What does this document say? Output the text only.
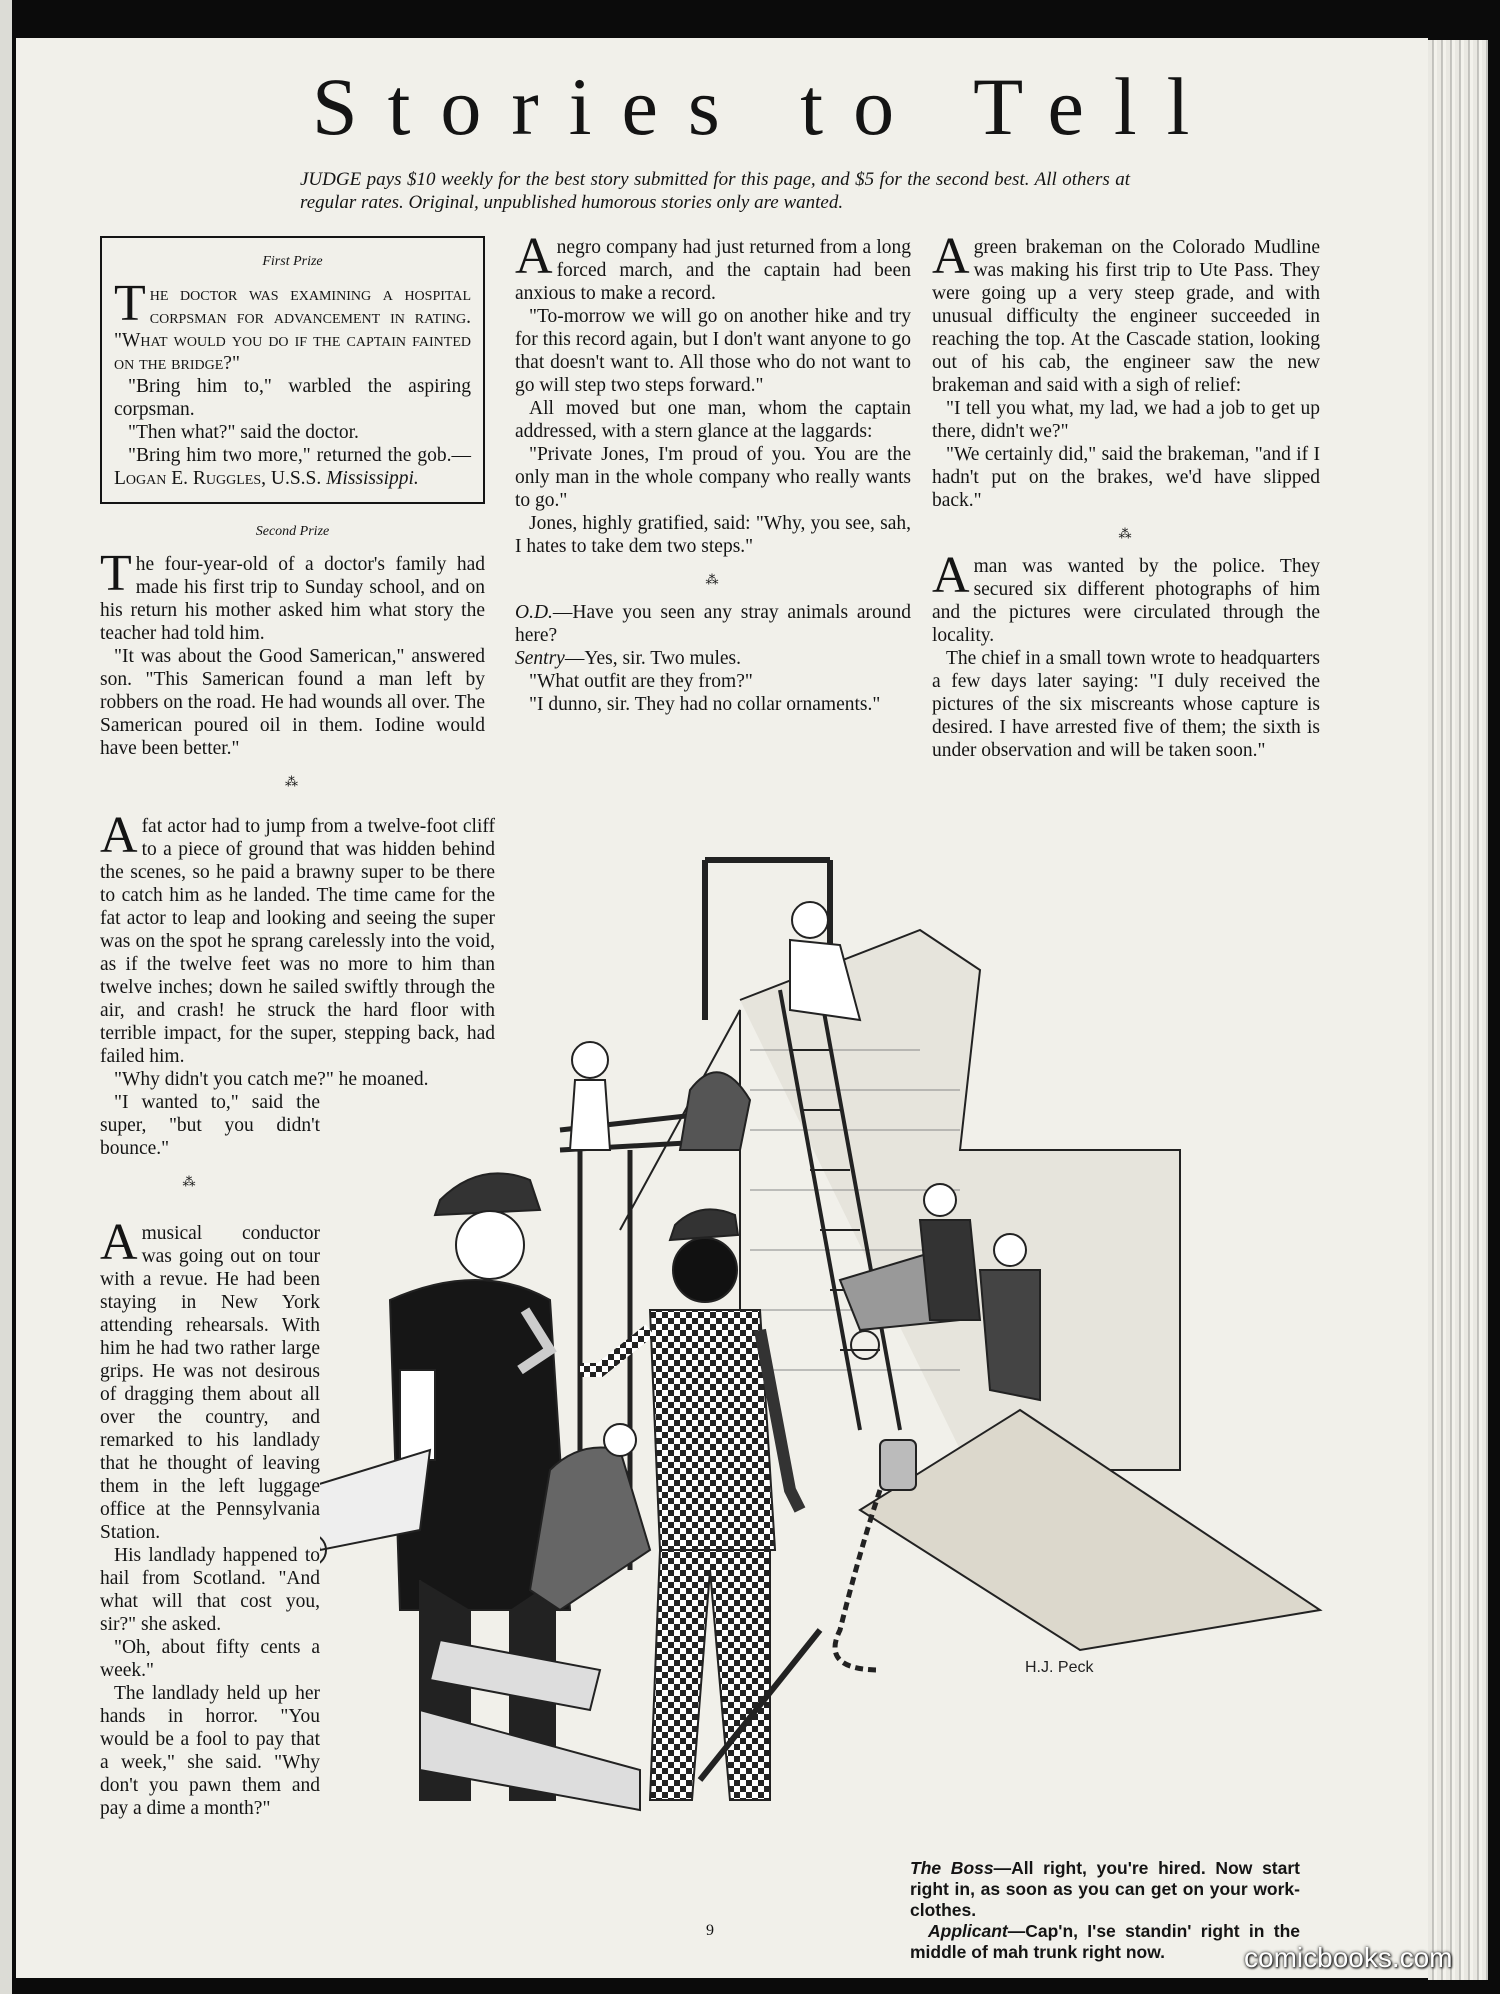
Stories to Tell
JUDGE pays $10 weekly for the best story submitted for this page, and $5 for the second best. All others at regular rates. Original, unpublished humorous stories only are wanted.
First Prize

The doctor was examining a hospital corpsman for advancement in rating. "What would you do if the captain fainted on the bridge?"

"Bring him to," warbled the aspiring corpsman.

"Then what?" said the doctor.

"Bring him two more," returned the gob.— Logan E. Ruggles, U.S.S. Mississippi.

Second Prize

The four-year-old of a doctor's family had made his first trip to Sunday school, and on his return his mother asked him what story the teacher had told him.

"It was about the Good Samerican," answered son. "This Samerican found a man left by robbers on the road. He had wounds all over. The Samerican poured oil in them. Iodine would have been better."

⁂

Afat actor had to jump from a twelve-foot cliff to a piece of ground that was hidden behind the scenes, so he paid a brawny super to be there to catch him as he landed. The time came for the fat actor to leap and looking and seeing the super was on the spot he sprang carelessly into the void, as if the twelve feet was no more to him than twelve inches; down he sailed swiftly through the air, and crash! he struck the hard floor with terrible impact, for the super, stepping back, had failed him.

"Why didn't you catch me?" he moaned.

"I wanted to," said the super, "but you didn't bounce."

⁂

Amusical conductor was going out on tour with a revue. He had been staying in New York attending rehearsals. With him he had two rather large grips. He was not desirous of dragging them about all over the country, and remarked to his landlady that he thought of leaving them in the left luggage office at the Pennsylvania Station.

His landlady happened to hail from Scotland. "And what will that cost you, sir?" she asked.

"Oh, about fifty cents a week."

The landlady held up her hands in horror. "You would be a fool to pay that a week," she said. "Why don't you pawn them and pay a dime a month?"

Anegro company had just returned from a long forced march, and the captain had been anxious to make a record.

"To-morrow we will go on another hike and try for this record again, but I don't want anyone to go that doesn't want to. All those who do not want to go will step two steps forward."

All moved but one man, whom the captain addressed, with a stern glance at the laggards:

"Private Jones, I'm proud of you. You are the only man in the whole company who really wants to go."

Jones, highly gratified, said: "Why, you see, sah, I hates to take dem two steps."

⁂

O.D.—Have you seen any stray animals around here?

Sentry—Yes, sir. Two mules.

"What outfit are they from?"

"I dunno, sir. They had no collar ornaments."

Agreen brakeman on the Colorado Mudline was making his first trip to Ute Pass. They were going up a very steep grade, and with unusual difficulty the engineer succeeded in reaching the top. At the Cascade station, looking out of his cab, the engineer saw the new brakeman and said with a sigh of relief:

"I tell you what, my lad, we had a job to get up there, didn't we?"

"We certainly did," said the brakeman, "and if I hadn't put on the brakes, we'd have slipped back."

⁂

Aman was wanted by the police. They secured six different photographs of him and the pictures were circulated through the locality.

The chief in a small town wrote to headquarters a few days later saying: "I duly received the pictures of the six miscreants whose capture is desired. I have arrested five of them; the sixth is under observation and will be taken soon."

H.J. Peck

The Boss—All right, you're hired. Now start right in, as soon as you can get on your work-clothes.

Applicant—Cap'n, I'se standin' right in the middle of mah trunk right now.

9
comicbooks.com
